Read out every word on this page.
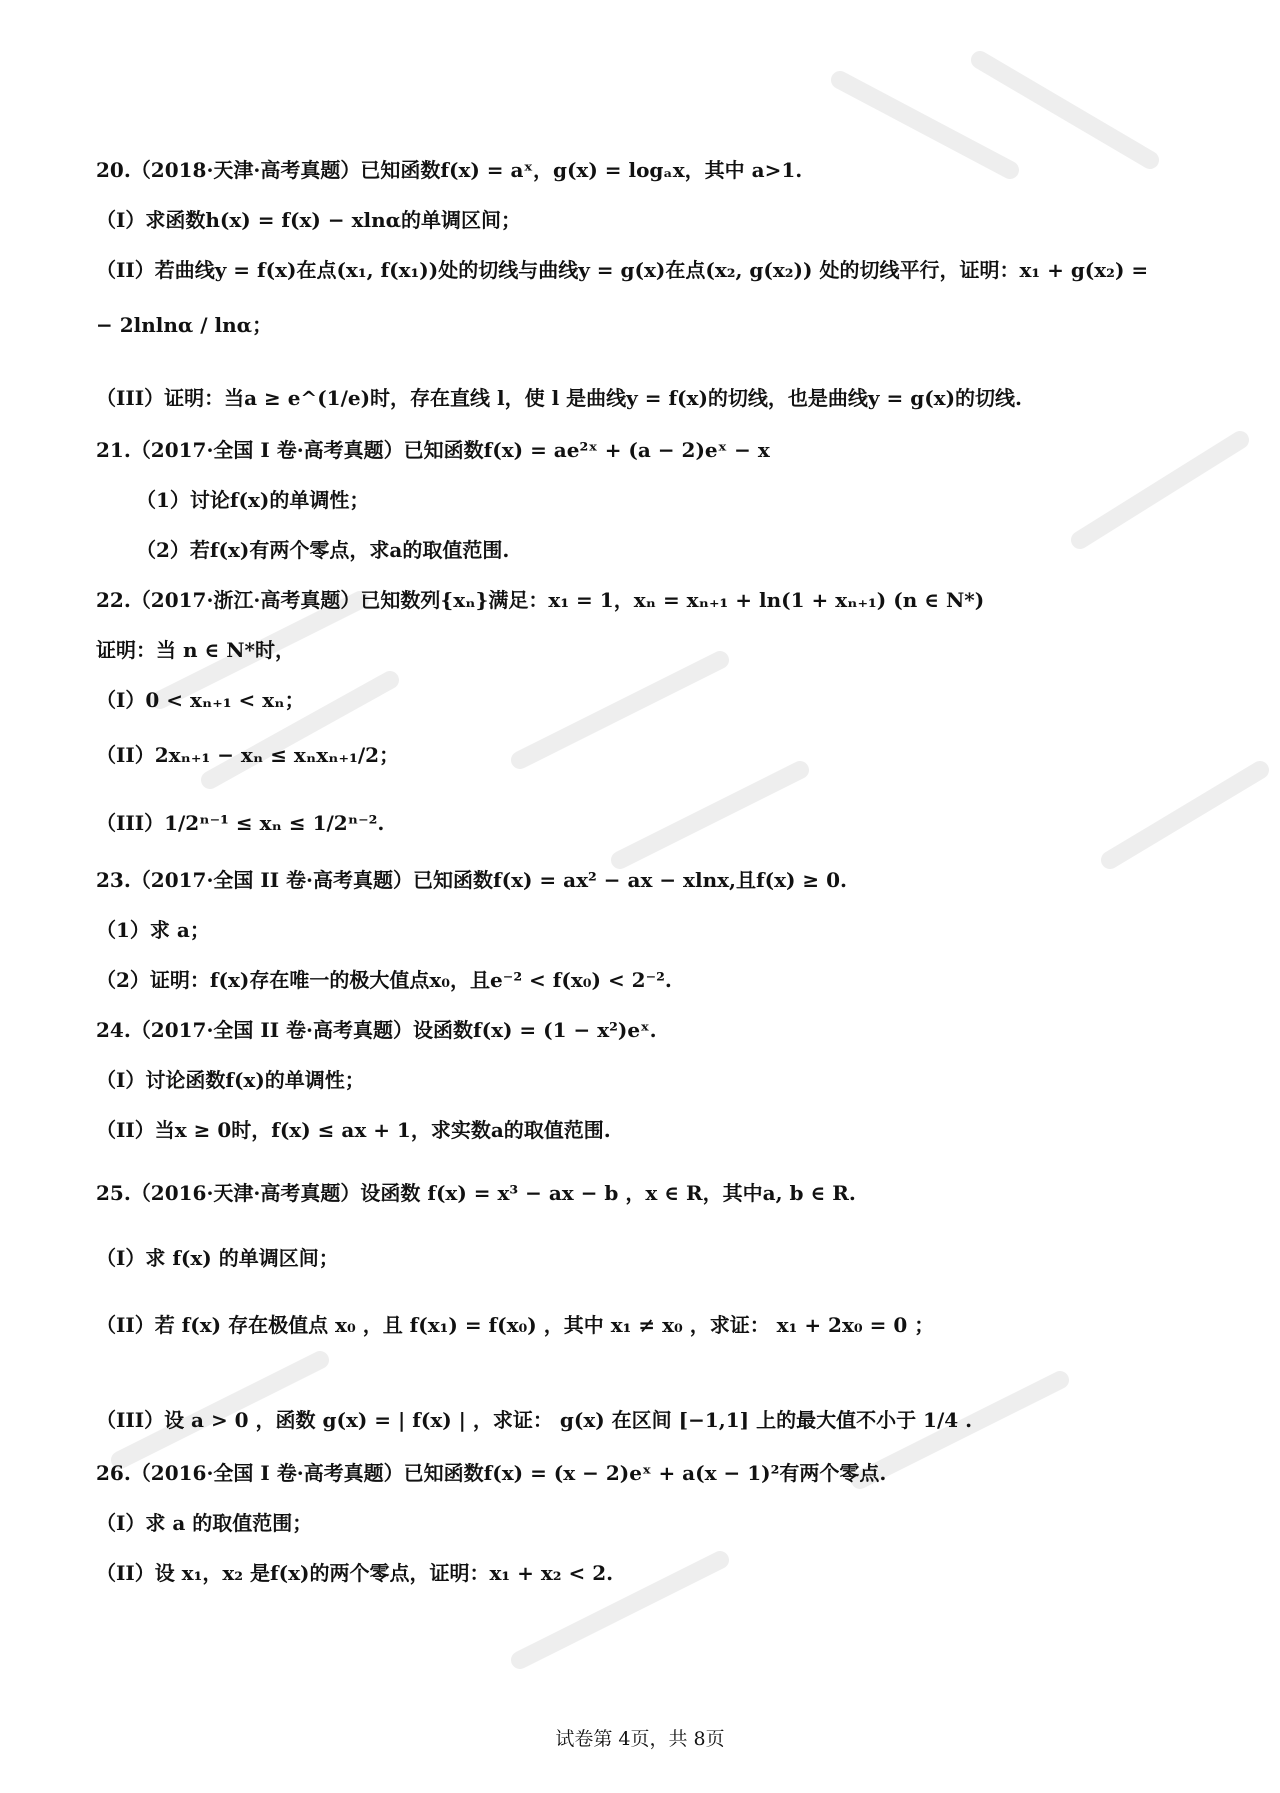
20.（2018·天津·高考真题）已知函数f(x) = aˣ，g(x) = logₐx，其中 a>1.
（I）求函数h(x) = f(x) − xlnα的单调区间；
（II）若曲线y = f(x)在点(x₁, f(x₁))处的切线与曲线y = g(x)在点(x₂, g(x₂)) 处的切线平行，证明：x₁ + g(x₂) =
− 2lnlnα / lnα；
（III）证明：当a ≥ e^(1/e)时，存在直线 l，使 l 是曲线y = f(x)的切线，也是曲线y = g(x)的切线.
21.（2017·全国 I 卷·高考真题）已知函数f(x) = ae²ˣ + (a − 2)eˣ − x
（1）讨论f(x)的单调性；
（2）若f(x)有两个零点，求a的取值范围.
22.（2017·浙江·高考真题）已知数列{xₙ}满足：x₁ = 1，xₙ = xₙ₊₁ + ln(1 + xₙ₊₁) (n ∈ N*)
证明：当 n ∈ N*时，
（I）0 < xₙ₊₁ < xₙ；
（II）2xₙ₊₁ − xₙ ≤ xₙxₙ₊₁/2；
（III）1/2ⁿ⁻¹ ≤ xₙ ≤ 1/2ⁿ⁻².
23.（2017·全国 II 卷·高考真题）已知函数f(x) = ax² − ax − xlnx,且f(x) ≥ 0.
（1）求 a；
（2）证明：f(x)存在唯一的极大值点x₀，且e⁻² < f(x₀) < 2⁻².
24.（2017·全国 II 卷·高考真题）设函数f(x) = (1 − x²)eˣ.
（I）讨论函数f(x)的单调性；
（II）当x ≥ 0时，f(x) ≤ ax + 1，求实数a的取值范围.
25.（2016·天津·高考真题）设函数 f(x) = x³ − ax − b ，x ∈ R，其中a, b ∈ R.
（I）求 f(x) 的单调区间；
（II）若 f(x) 存在极值点 x₀ ，且 f(x₁) = f(x₀) ，其中 x₁ ≠ x₀ ，求证： x₁ + 2x₀ = 0 ；
（III）设 a > 0 ，函数 g(x) = | f(x) | ，求证： g(x) 在区间 [−1,1] 上的最大值不小于 1/4 .
26.（2016·全国 I 卷·高考真题）已知函数f(x) = (x − 2)eˣ + a(x − 1)²有两个零点.
（I）求 a 的取值范围；
（II）设 x₁，x₂ 是f(x)的两个零点，证明：x₁ + x₂ < 2.
试卷第 4页，共 8页
